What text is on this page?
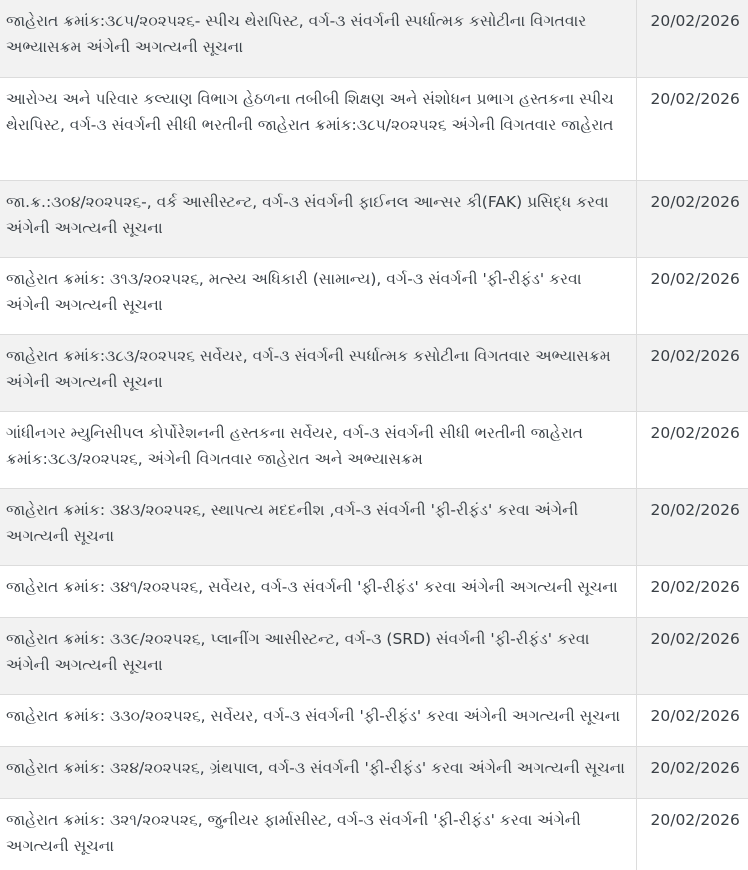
જાહેરાત ક્રમાંક:૩૮૫/૨૦૨૫૨૬- સ્પીચ થેરાપિસ્ટ, વર્ગ-૩ સંવર્ગની સ્પર્ધાત્મક કસોટીના વિગતવાર અભ્યાસક્રમ અંગેની અગત્યની સૂચના	20/02/2026

આરોગ્ય અને પરિવાર કલ્યાણ વિભાગ હેઠળના તબીબી શિક્ષણ અને સંશોધન પ્રભાગ હસ્તકના સ્પીચ થેરાપિસ્ટ, વર્ગ-૩ સંવર્ગની સીધી ભરતીની જાહેરાત ક્રમાંક:૩૮૫/૨૦૨૫૨૬ અંગેની વિગતવાર જાહેરાત	20/02/2026

જા.ક્ર.:૩૦૪/૨૦૨૫૨૬-, વર્ક આસીસ્ટન્ટ, વર્ગ-૩ સંવર્ગની ફાઈનલ આન્સર કી(FAK) પ્રસિદ્ધ કરવા અંગેની અગત્યની સૂચના	20/02/2026

જાહેરાત ક્રમાંક: ૩૧૩/૨૦૨૫૨૬, મત્સ્ય અધિકારી (સામાન્ય), વર્ગ-૩ સંવર્ગની 'ફી-રીફંડ' કરવા અંગેની અગત્યની સૂચના	20/02/2026

જાહેરાત ક્રમાંક:૩૮૩/૨૦૨૫૨૬ સર્વેયર, વર્ગ-૩ સંવર્ગની સ્પર્ધાત્મક કસોટીના વિગતવાર અભ્યાસક્રમ અંગેની અગત્યની સૂચના	20/02/2026

ગાંધીનગર મ્યુનિસીપલ કોર્પોરેશનની હસ્તકના સર્વેયર, વર્ગ-૩ સંવર્ગની સીધી ભરતીની જાહેરાત ક્રમાંક:૩૮૩/૨૦૨૫૨૬, અંગેની વિગતવાર જાહેરાત અને અભ્યાસક્રમ	20/02/2026

જાહેરાત ક્રમાંક: ૩૪૩/૨૦૨૫૨૬, સ્થાપત્ય મદદનીશ ,વર્ગ-૩ સંવર્ગની 'ફી-રીફંડ' કરવા અંગેની અગત્યની સૂચના	20/02/2026

જાહેરાત ક્રમાંક: ૩૪૧/૨૦૨૫૨૬, સર્વેયર, વર્ગ-૩ સંવર્ગની 'ફી-રીફંડ' કરવા અંગેની અગત્યની સૂચના	20/02/2026

જાહેરાત ક્રમાંક: ૩૩૯/૨૦૨૫૨૬, પ્લાનીંગ આસીસ્ટન્ટ, વર્ગ-૩ (SRD) સંવર્ગની 'ફી-રીફંડ' કરવા અંગેની અગત્યની સૂચના	20/02/2026

જાહેરાત ક્રમાંક: ૩૩૦/૨૦૨૫૨૬, સર્વેયર, વર્ગ-૩ સંવર્ગની 'ફી-રીફંડ' કરવા અંગેની અગત્યની સૂચના	20/02/2026

જાહેરાત ક્રમાંક: ૩૨૪/૨૦૨૫૨૬, ગ્રંથપાલ, વર્ગ-૩ સંવર્ગની 'ફી-રીફંડ' કરવા અંગેની અગત્યની સૂચના	20/02/2026

જાહેરાત ક્રમાંક: ૩૨૧/૨૦૨૫૨૬, જુનીયર ફાર્માસીસ્ટ, વર્ગ-૩ સંવર્ગની 'ફી-રીફંડ' કરવા અંગેની અગત્યની સૂચના	20/02/2026
